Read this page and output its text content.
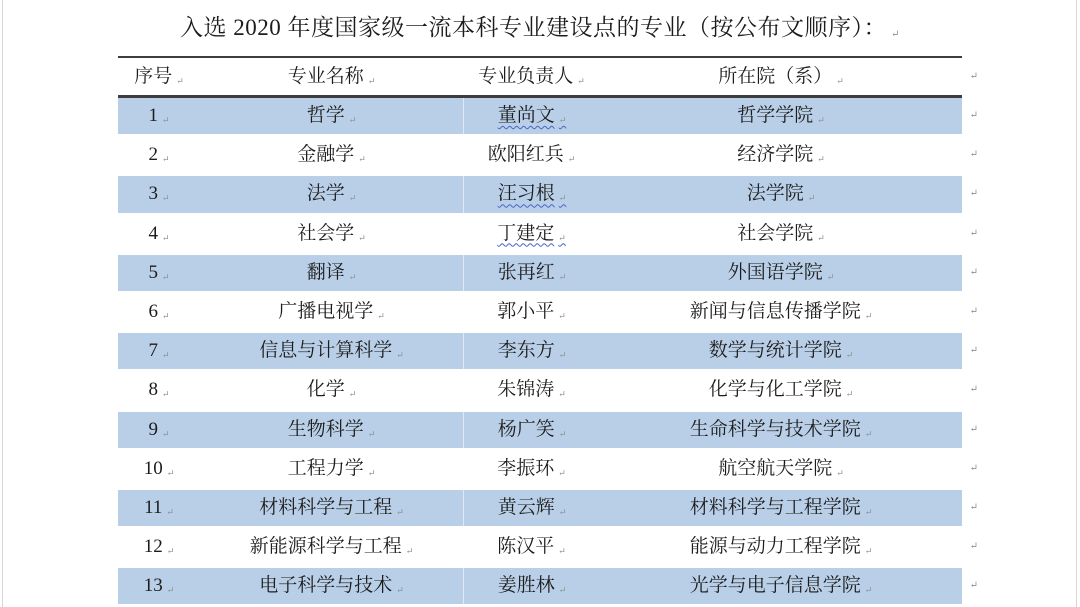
入选 2020 年度国家级一流本科专业建设点的专业（按公布文顺序）： ↵
序号 ↵	专业名称 ↵	专业负责人 ↵	所在院（系） ↵	↵
1 ↵	哲学 ↵	董尚文 ↵	哲学学院 ↵	↵
2 ↵	金融学 ↵	欧阳红兵 ↵	经济学院 ↵	↵
3 ↵	法学 ↵	汪习根 ↵	法学院 ↵	↵
4 ↵	社会学 ↵	丁建定 ↵	社会学院 ↵	↵
5 ↵	翻译 ↵	张再红 ↵	外国语学院 ↵	↵
6 ↵	广播电视学 ↵	郭小平 ↵	新闻与信息传播学院 ↵	↵
7 ↵	信息与计算科学 ↵	李东方 ↵	数学与统计学院 ↵	↵
8 ↵	化学 ↵	朱锦涛 ↵	化学与化工学院 ↵	↵
9 ↵	生物科学 ↵	杨广笑 ↵	生命科学与技术学院 ↵	↵
10 ↵	工程力学 ↵	李振环 ↵	航空航天学院 ↵	↵
11 ↵	材料科学与工程 ↵	黄云辉 ↵	材料科学与工程学院 ↵	↵
12 ↵	新能源科学与工程 ↵	陈汉平 ↵	能源与动力工程学院 ↵	↵
13 ↵	电子科学与技术 ↵	姜胜林 ↵	光学与电子信息学院 ↵	↵
